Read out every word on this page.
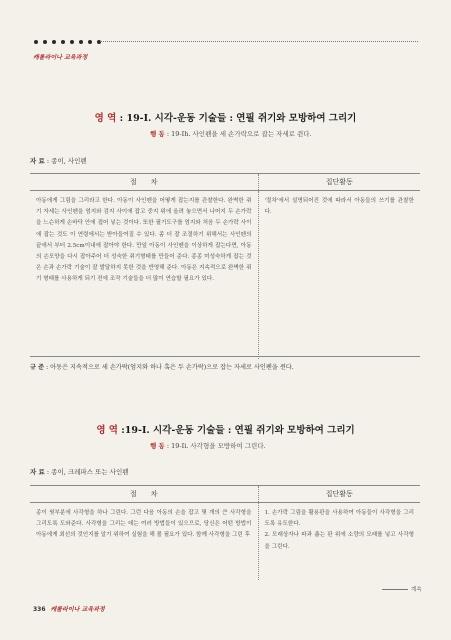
캐롤라이나 교육과정
영 역 : 19-I. 시각-운동 기술들 : 연필 쥐기와 모방하여 그리기
행 동 : 19-Ih. 사인펜을 세 손가락으로 잡는 자세로 쥔다.
자 료 : 종이, 사인펜
절　　차	집단활동
아동에게 그림을 그리라고 한다. 아동이 사인펜을 어떻게 잡는지를 관찰한다. 완벽한 쥐기 자세는 사인펜을 엄지와 검지 사이에 잡고 중지 위에 올려 놓으면서 나머지 두 손가락을 느슨하게 손바닥 안에 접어 넣는 것이다. 또한 필기도구를 엄지와 처음 두 손가락 사이에 잡는 것도 이 연령에서는 받아들여질 수 있다. 좀 더 잘 조절하기 위해서는 사인펜의 끝에서 부터 2.5cm이내에 잡아야 한다. 만일 아동이 사인펜을 이상하게 잡는다면, 아동의 손모양을 다시 잡아주어 더 성숙한 쥐기형태를 만들어 준다. 종종 미성숙하게 잡는 것은 손과 손가락 기술이 잘 발달하지 못한 것을 반영해 준다. 아동은 지속적으로 완벽한 쥐기 형태를 사용하게 되기 전에 조작 기술들을 더 많이 연습할 필요가 있다.	'절차'에서 설명되어진 것에 따라서 아동들의 쓰기를 관찰한다.
규 준 : 아동은 지속적으로 세 손가락(엄지와 하나 혹은 두 손가락)으로 잡는 자세로 사인펜을 쥔다.
영 역 :19-I. 시각-운동 기술들 : 연필 쥐기와 모방하여 그리기
행 동 : 19-Ii. 사각형을 모방하여 그린다.
자 료 : 종이, 크레파스 또는 사인펜
절　　차	집단활동
종이 윗부분에 사각형을 하나 그린다. 그런 다음 아동의 손을 잡고 몇 개의 큰 사각형을 그리도록 도와준다. 사각형을 그리는 데는 여러 방법들이 있으므로, 당신은 어떤 방법이 아동에게 최선의 것인지를 알기 위하여 실험을 해 볼 필요가 있다. 함께 사각형을 그린 후	1. 손가락 그림을 활용판을 사용하여 아동들이 사각형을 그리도록 유도한다.
2. 모래상자나 파과 좁는 판 위에 소량의 모래를 넣고 사각형을 그린다.
계속
336 캐롤라이나 교육과정
